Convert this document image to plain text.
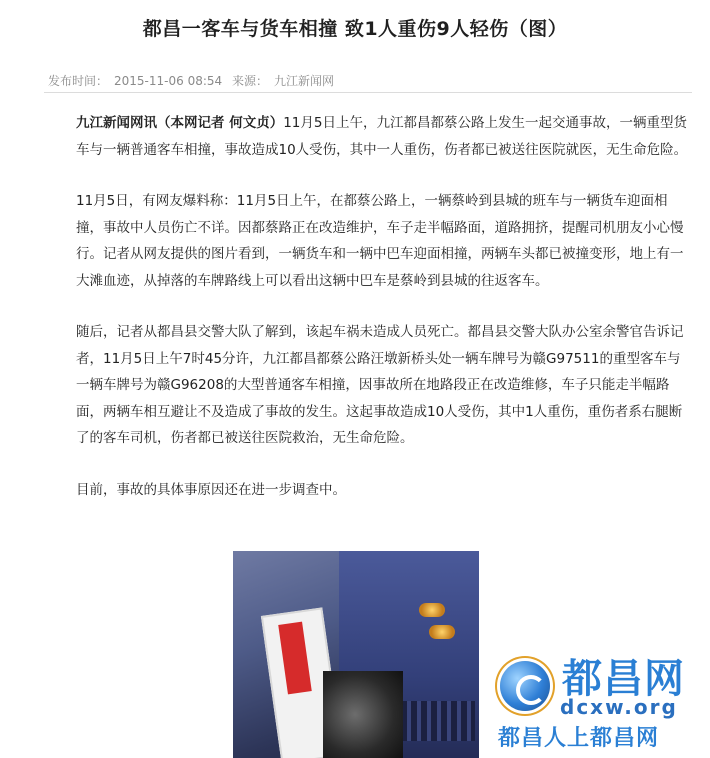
都昌一客车与货车相撞 致1人重伤9人轻伤（图）
发布时间： 2015-11-06 08:54 来源： 九江新闻网

九江新闻网讯（本网记者 何文贞）11月5日上午，九江都昌都蔡公路上发生一起交通事故，一辆重型货车与一辆普通客车相撞，事故造成10人受伤，其中一人重伤，伤者都已被送往医院就医，无生命危险。

11月5日，有网友爆料称：11月5日上午，在都蔡公路上，一辆蔡岭到县城的班车与一辆货车迎面相撞，事故中人员伤亡不详。因都蔡路正在改造维护，车子走半幅路面，道路拥挤，提醒司机朋友小心慢行。记者从网友提供的图片看到，一辆货车和一辆中巴车迎面相撞，两辆车头都已被撞变形，地上有一大滩血迹，从掉落的车牌路线上可以看出这辆中巴车是蔡岭到县城的往返客车。

随后，记者从都昌县交警大队了解到，该起车祸未造成人员死亡。都昌县交警大队办公室余警官告诉记者，11月5日上午7时45分许，九江都昌都蔡公路汪墩新桥头处一辆车牌号为赣G97511的重型客车与一辆车牌号为赣G96208的大型普通客车相撞，因事故所在地路段正在改造维修，车子只能走半幅路面，两辆车相互避让不及造成了事故的发生。这起事故造成10人受伤，其中1人重伤，重伤者系右腿断了的客车司机，伤者都已被送往医院救治，无生命危险。

目前，事故的具体事原因还在进一步调查中。

都昌网
dcxw.org
都昌人上都昌网
